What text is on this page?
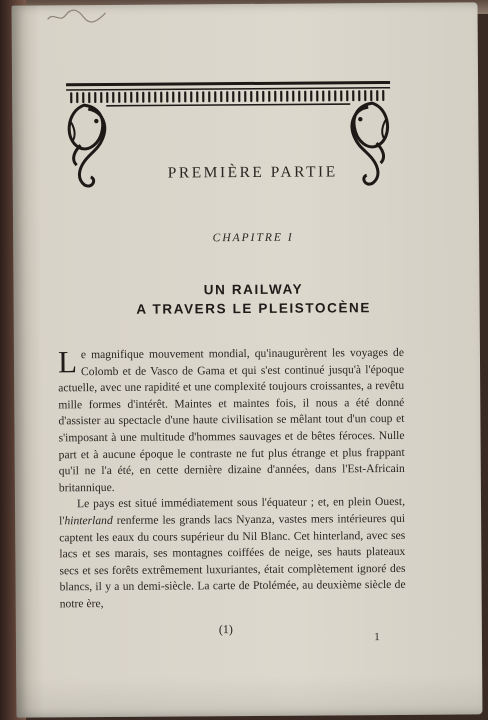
PREMIÈRE PARTIE
CHAPITRE I
UN RAILWAY
A TRAVERS LE PLEISTOCÈNE

Le magnifique mouvement mondial, qu'inaugurèrent les voyages de Colomb et de Vasco de Gama et qui s'est continué jusqu'à l'époque actuelle, avec une rapidité et une complexité toujours croissantes, a revêtu mille formes d'intérêt. Maintes et maintes fois, il nous a été donné d'assister au spectacle d'une haute civilisation se mêlant tout d'un coup et s'imposant à une multitude d'hommes sauvages et de bêtes féroces. Nulle part et à aucune époque le contraste ne fut plus étrange et plus frappant qu'il ne l'a été, en cette dernière dizaine d'années, dans l'Est-Africain britannique.

Le pays est situé immédiatement sous l'équateur ; et, en plein Ouest, l'hinterland renferme les grands lacs Nyanza, vastes mers intérieures qui captent les eaux du cours supérieur du Nil Blanc. Cet hinterland, avec ses lacs et ses marais, ses montagnes coiffées de neige, ses hauts plateaux secs et ses forêts extrêmement luxuriantes, était complètement ignoré des blancs, il y a un demi-siècle. La carte de Ptolémée, au deuxième siècle de notre ère,

(1)
1
